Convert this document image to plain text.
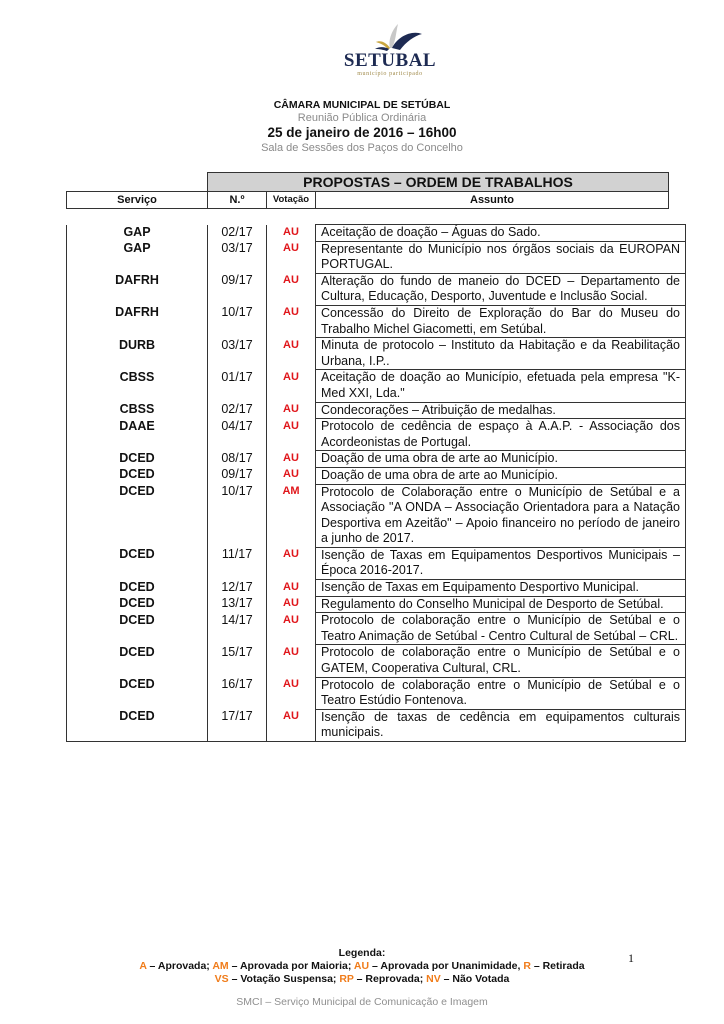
SETUBAL
município participado
CÂMARA MUNICIPAL DE SETÚBAL
Reunião Pública Ordinária
25 de janeiro de 2016 – 16h00
Sala de Sessões dos Paços do Concelho
	PROPOSTAS – ORDEM DE TRABALHOS		
Serviço	N.º	Votação	Assunto
GAP	02/17	AU	Aceitação de doação – Águas do Sado.
GAP	03/17	AU	Representante do Município nos órgãos sociais da EUROPAN PORTUGAL.
DAFRH	09/17	AU	Alteração do fundo de maneio do DCED – Departamento de Cultura, Educação, Desporto, Juventude e Inclusão Social.
DAFRH	10/17	AU	Concessão do Direito de Exploração do Bar do Museu do Trabalho Michel Giacometti, em Setúbal.
DURB	03/17	AU	Minuta de protocolo – Instituto da Habitação e da Reabilitação Urbana, I.P..
CBSS	01/17	AU	Aceitação de doação ao Município, efetuada pela empresa "K-Med XXI, Lda."
CBSS	02/17	AU	Condecorações – Atribuição de medalhas.
DAAE	04/17	AU	Protocolo de cedência de espaço à A.A.P. - Associação dos Acordeonistas de Portugal.
DCED	08/17	AU	Doação de uma obra de arte ao Município.
DCED	09/17	AU	Doação de uma obra de arte ao Município.
DCED	10/17	AM	Protocolo de Colaboração entre o Município de Setúbal e a Associação "A ONDA – Associação Orientadora para a Natação Desportiva em Azeitão" – Apoio financeiro no período de janeiro a junho de 2017.
DCED	11/17	AU	Isenção de Taxas em Equipamentos Desportivos Municipais – Época 2016-2017.
DCED	12/17	AU	Isenção de Taxas em Equipamento Desportivo Municipal.
DCED	13/17	AU	Regulamento do Conselho Municipal de Desporto de Setúbal.
DCED	14/17	AU	Protocolo de colaboração entre o Município de Setúbal e o Teatro Animação de Setúbal - Centro Cultural de Setúbal – CRL.
DCED	15/17	AU	Protocolo de colaboração entre o Município de Setúbal e o GATEM, Cooperativa Cultural, CRL.
DCED	16/17	AU	Protocolo de colaboração entre o Município de Setúbal e o Teatro Estúdio Fontenova.
DCED	17/17	AU	Isenção de taxas de cedência em equipamentos culturais municipais.
Legenda:
A – Aprovada; AM – Aprovada por Maioria; AU – Aprovada por Unanimidade, R – Retirada
VS – Votação Suspensa; RP – Reprovada; NV – Não Votada
1
SMCI – Serviço Municipal de Comunicação e Imagem
